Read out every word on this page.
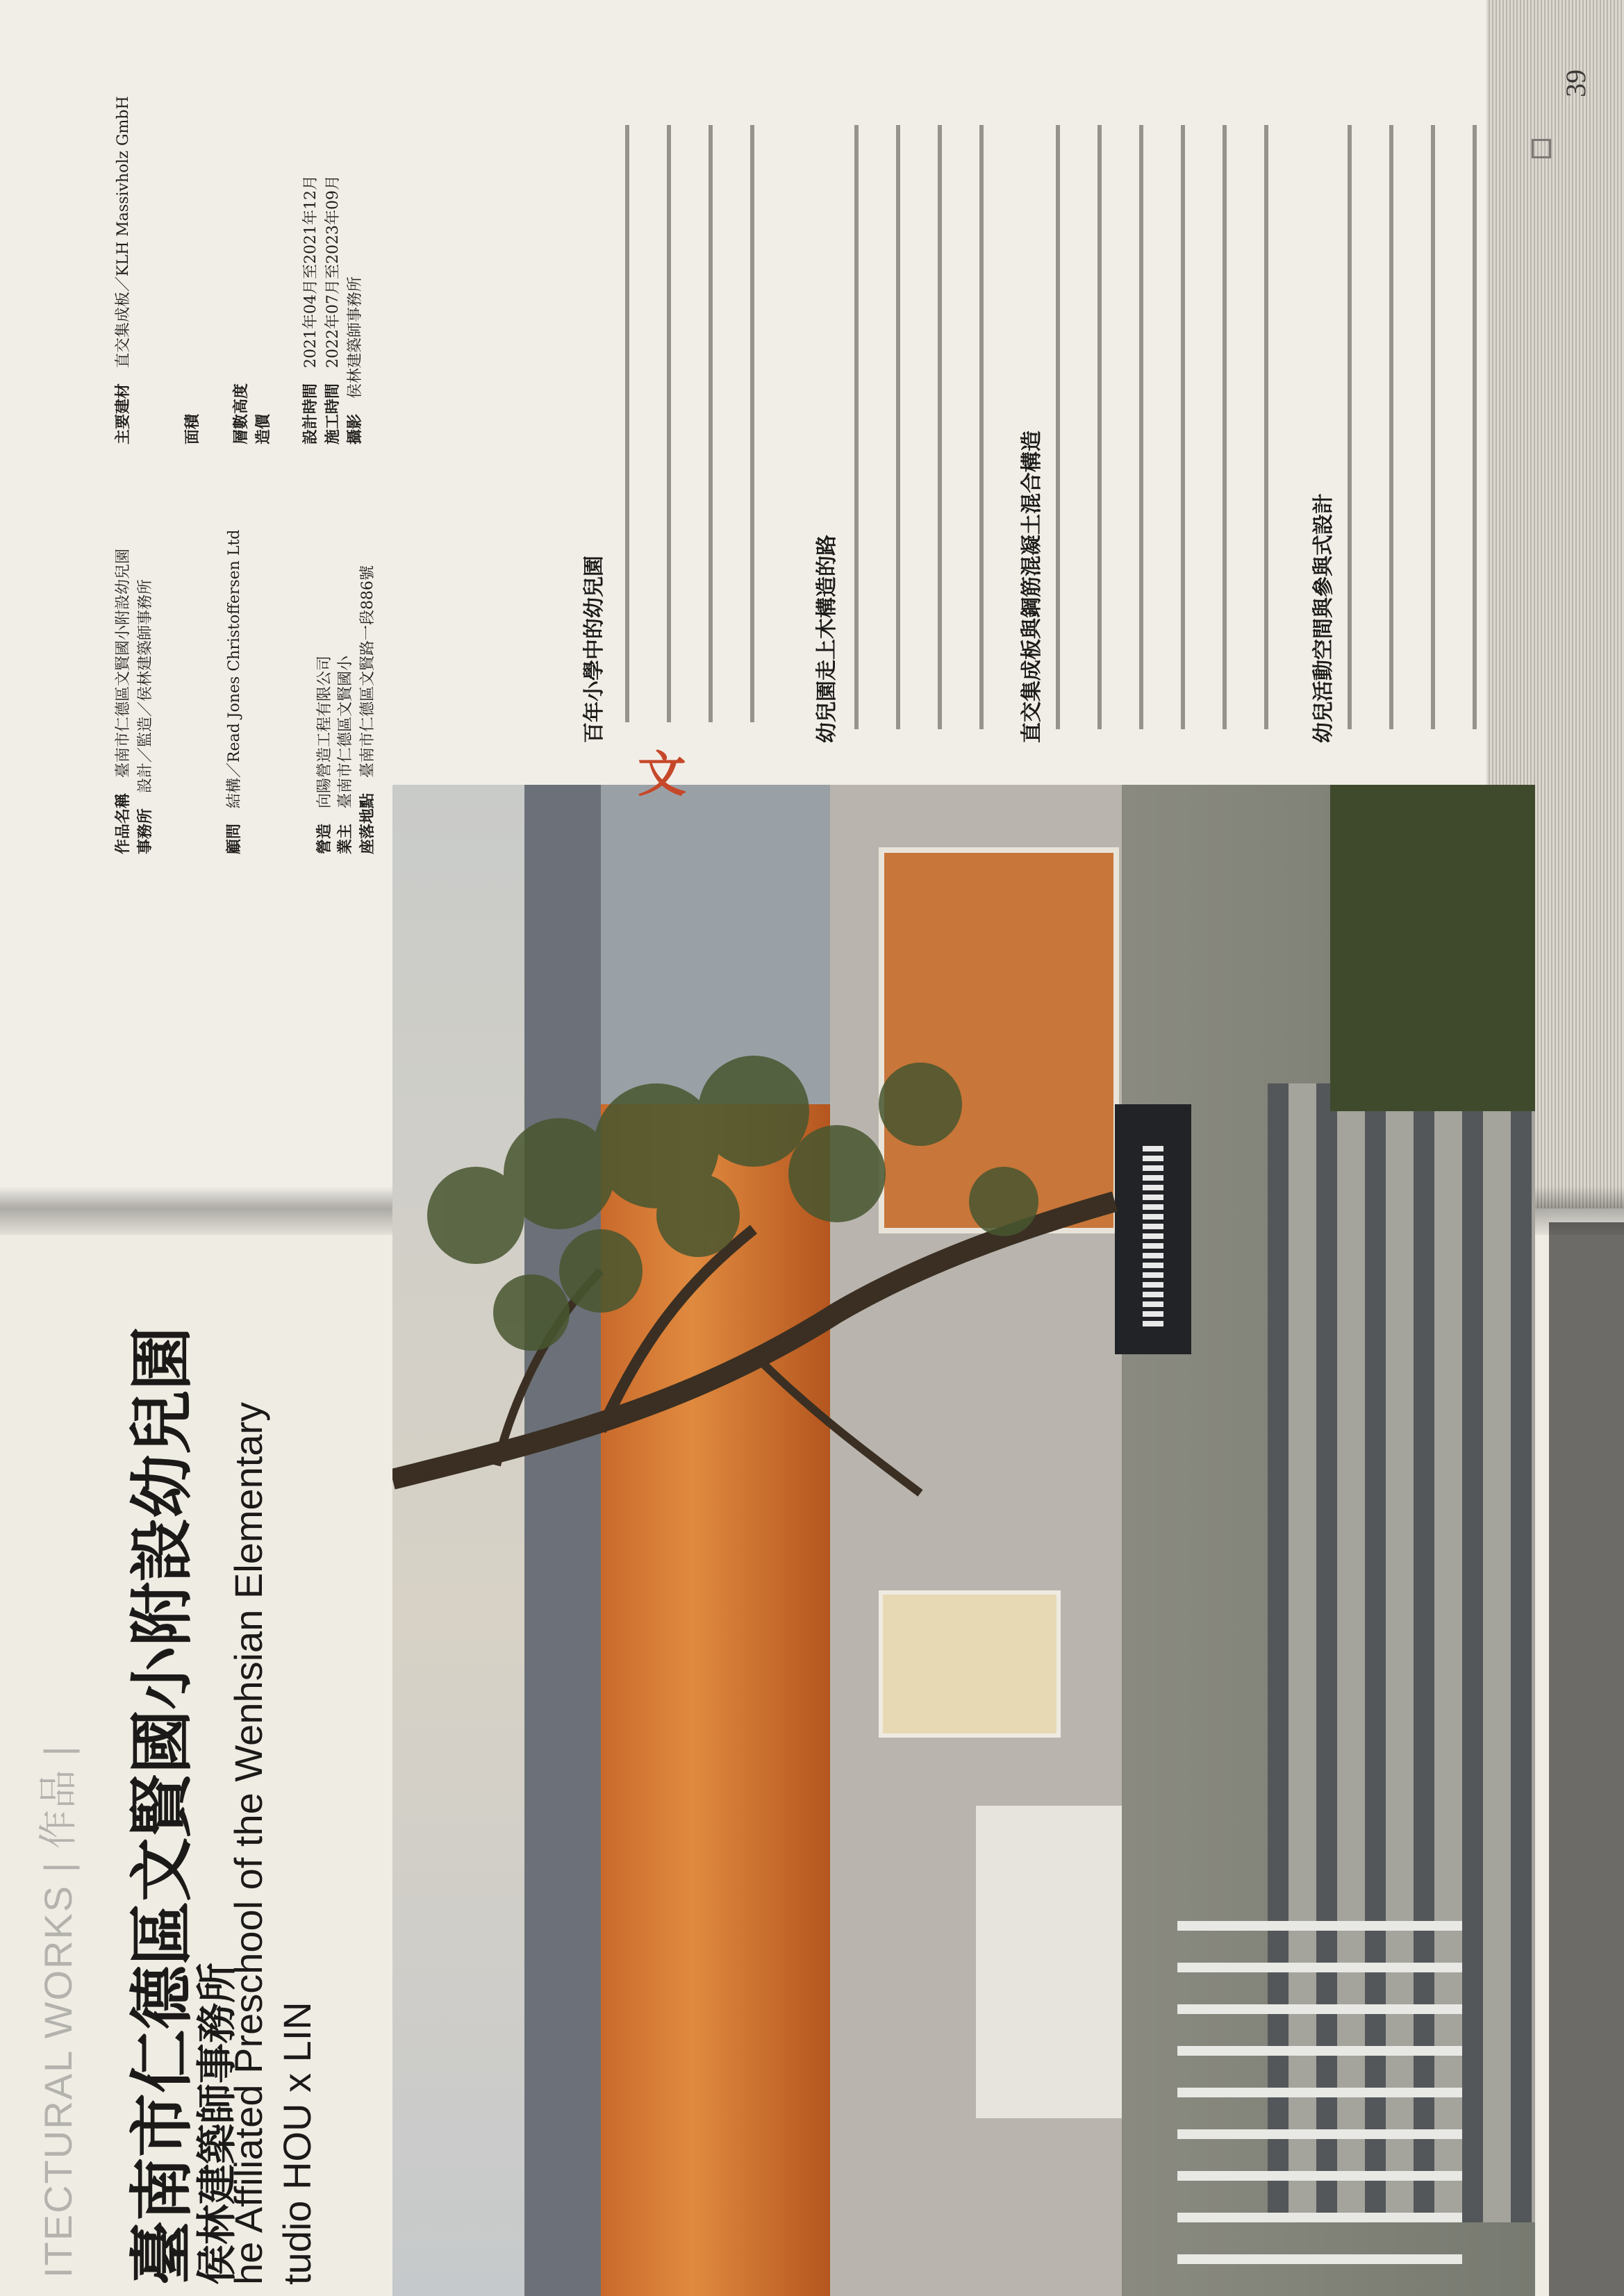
ITECTURAL WORKS | 作品 | 臺南市仁德區文賢國小附設幼兒園
侯林建築師事務所
he Affiliated Preschool of the Wenhsian Elementary tudio HOU x LIN
39
作品名稱　臺南市仁德區文賢國小附設幼兒園
事務所　設計／監造／侯林建築師事務所
顧問　結構／Read Jones Christoffersen Ltd
營造　向陽營造工程有限公司
業主　臺南市仁德區文賢國小
座落地點　臺南市仁德區文賢路一段886號
主要建材　直交集成板／KLH Massivholz GmbH
面積 層數高度 造價 設計時間　2021年04月至2021年12月
施工時間　2022年07月至2023年09月
攝影　侯林建築師事務所
百年小學中的幼兒園
文
幼兒園走上木構造的路	直交集成板與鋼筋混凝土混合構造	幼兒活動空間與參與式設計
